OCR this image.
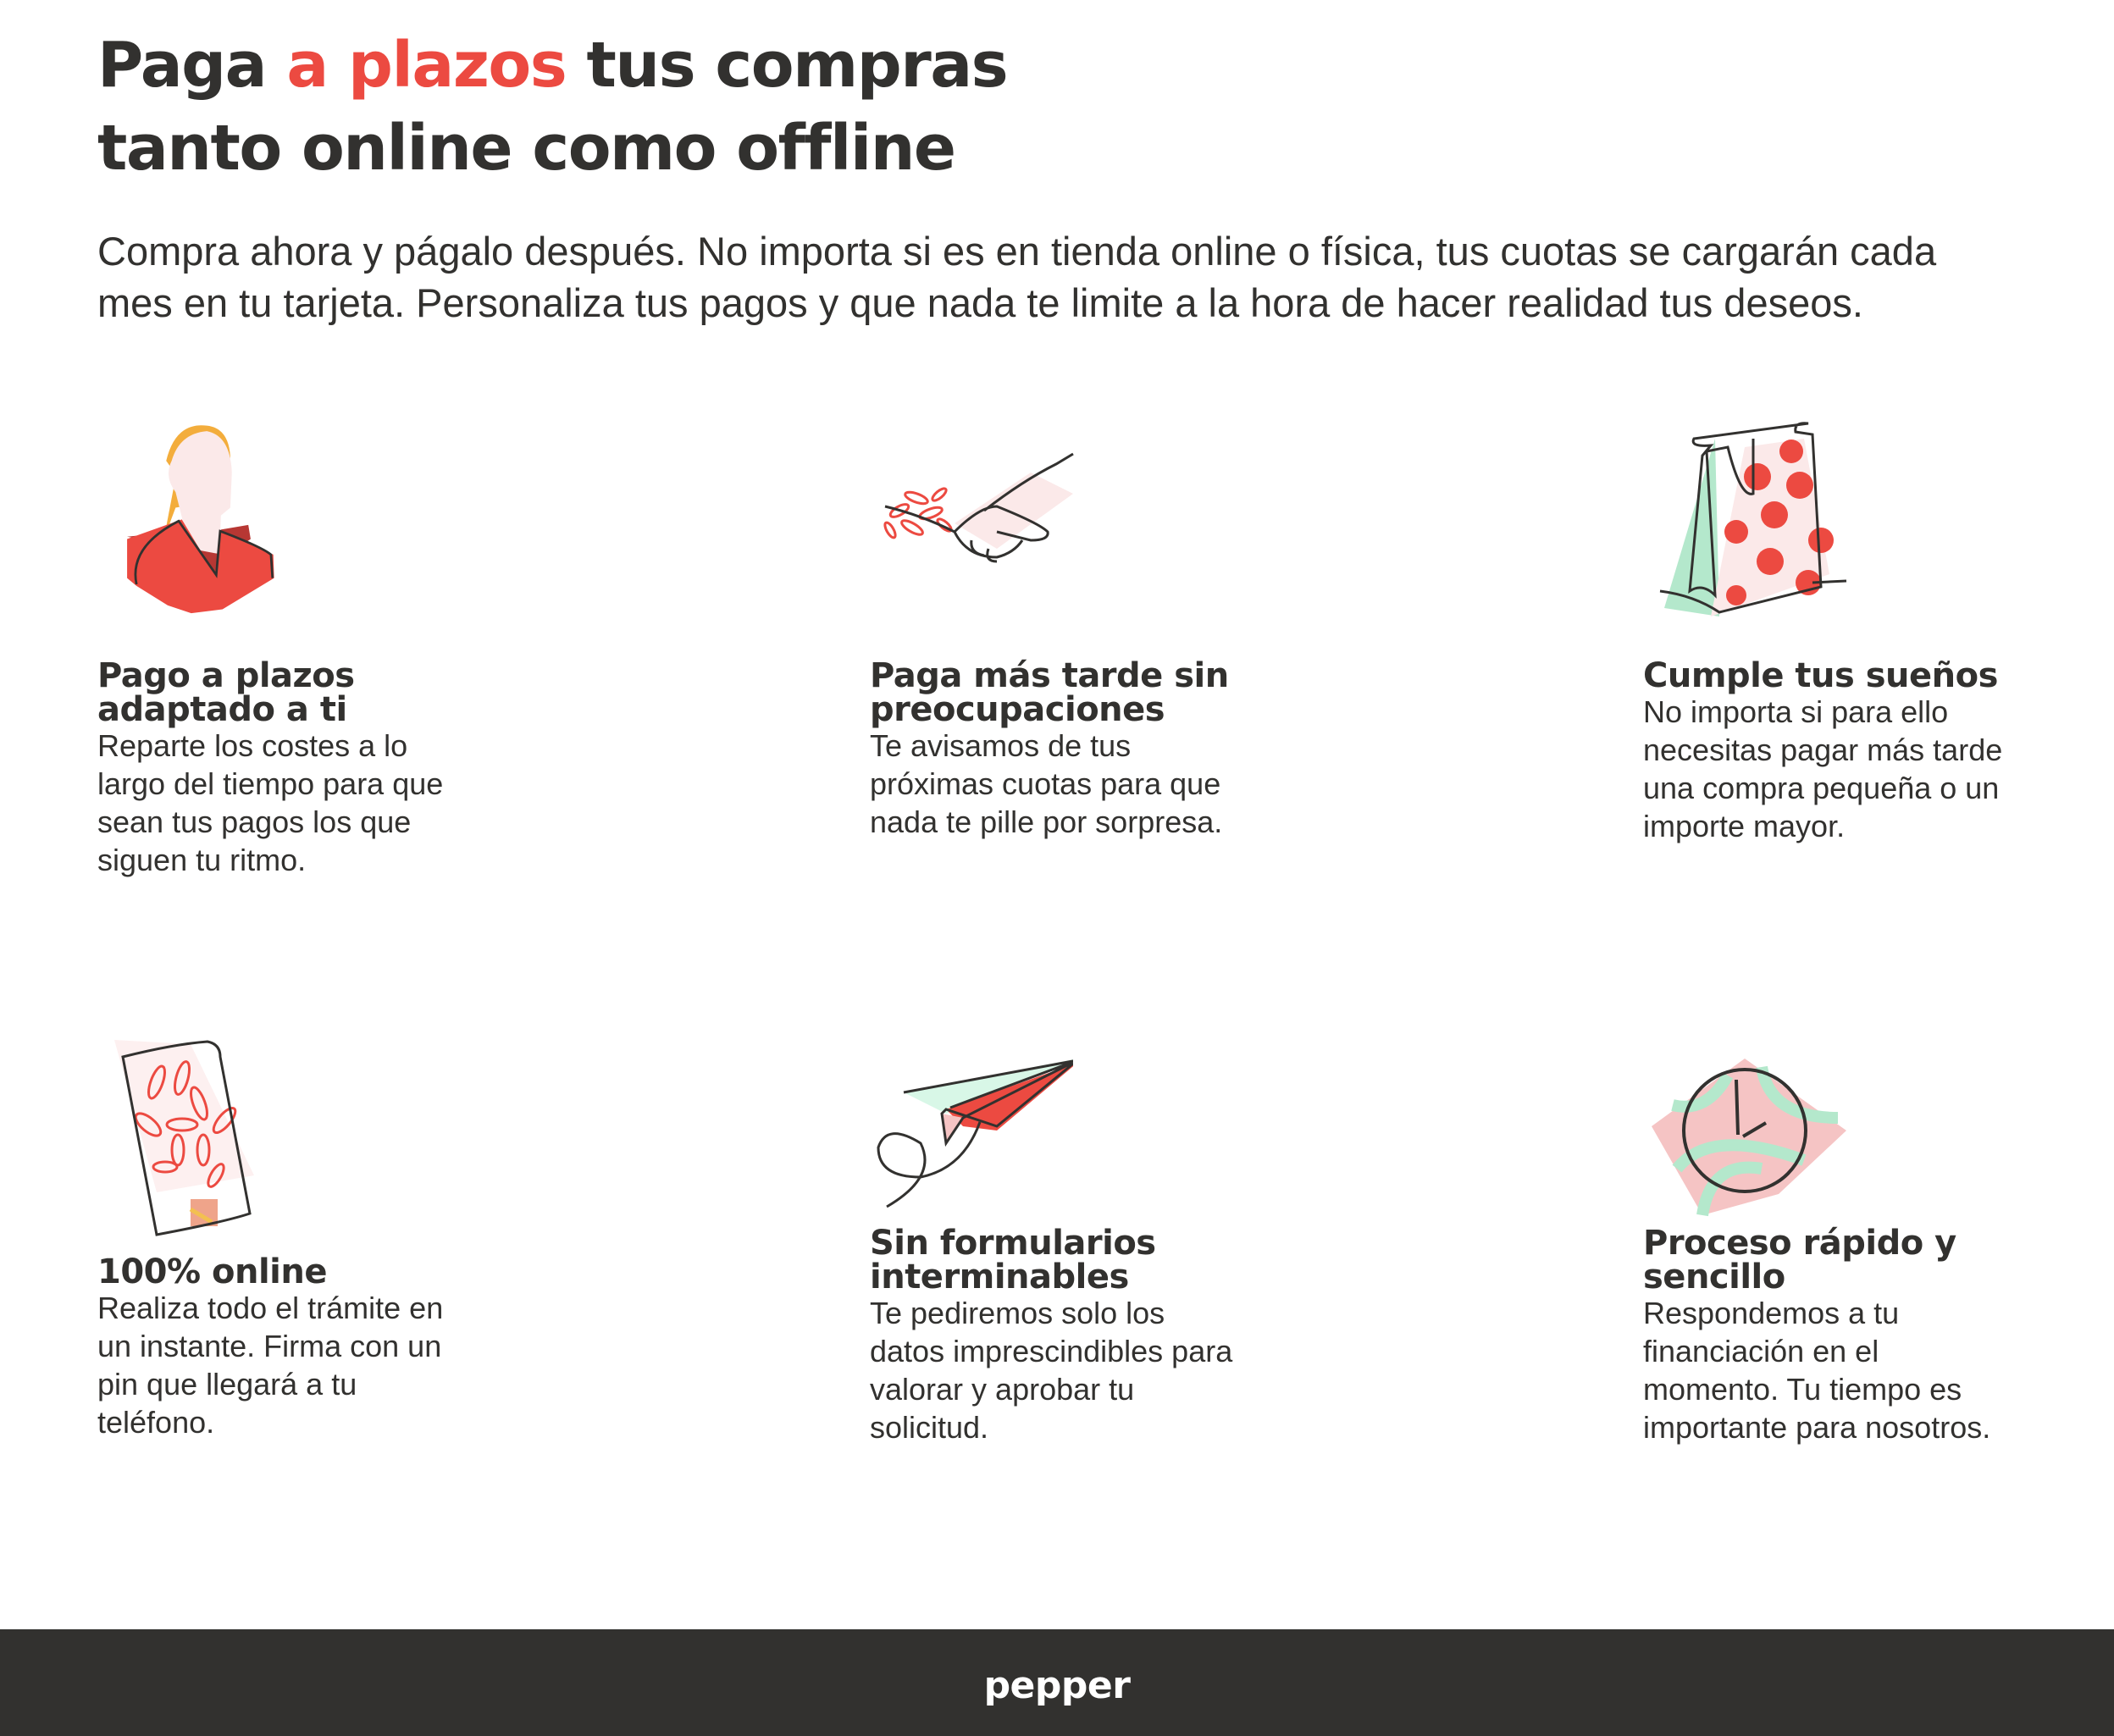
Paga a plazos tus compras
tanto online como offline

Compra ahora y págalo después. No importa si es en tienda online o física, tus cuotas se cargarán cada mes en tu tarjeta. Personaliza tus pagos y que nada te limite a la hora de hacer realidad tus deseos.

Pago a plazos
adaptado a ti
Reparte los costes a lo
largo del tiempo para que
sean tus pagos los que
siguen tu ritmo.
Paga más tarde sin
preocupaciones
Te avisamos de tus
próximas cuotas para que
nada te pille por sorpresa.
Cumple tus sueños
No importa si para ello
necesitas pagar más tarde
una compra pequeña o un
importe mayor.
100% online
Realiza todo el trámite en
un instante. Firma con un
pin que llegará a tu
teléfono.
Sin formularios
interminables
Te pediremos solo los
datos imprescindibles para
valorar y aprobar tu
solicitud.
Proceso rápido y
sencillo
Respondemos a tu
financiación en el
momento. Tu tiempo es
importante para nosotros.
pepper
